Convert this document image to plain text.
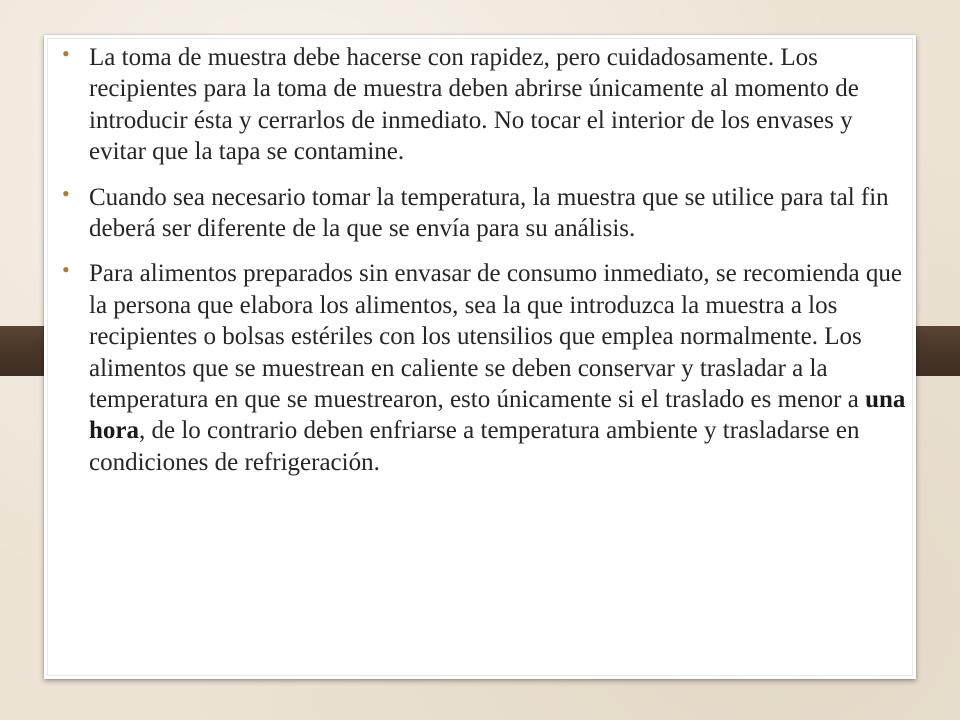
• La toma de muestra debe hacerse con rapidez, pero cuidadosamente. Los recipientes para la toma de muestra deben abrirse únicamente al momento de introducir ésta y cerrarlos de inmediato. No tocar el interior de los envases y evitar que la tapa se contamine.
• Cuando sea necesario tomar la temperatura, la muestra que se utilice para tal fin deberá ser diferente de la que se envía para su análisis.
• Para alimentos preparados sin envasar de consumo inmediato, se recomienda que la persona que elabora los alimentos, sea la que introduzca la muestra a los recipientes o bolsas estériles con los utensilios que emplea normalmente. Los alimentos que se muestrean en caliente se deben conservar y trasladar a la temperatura en que se muestrearon, esto únicamente si el traslado es menor a una hora, de lo contrario deben enfriarse a temperatura ambiente y trasladarse en condiciones de refrigeración.
